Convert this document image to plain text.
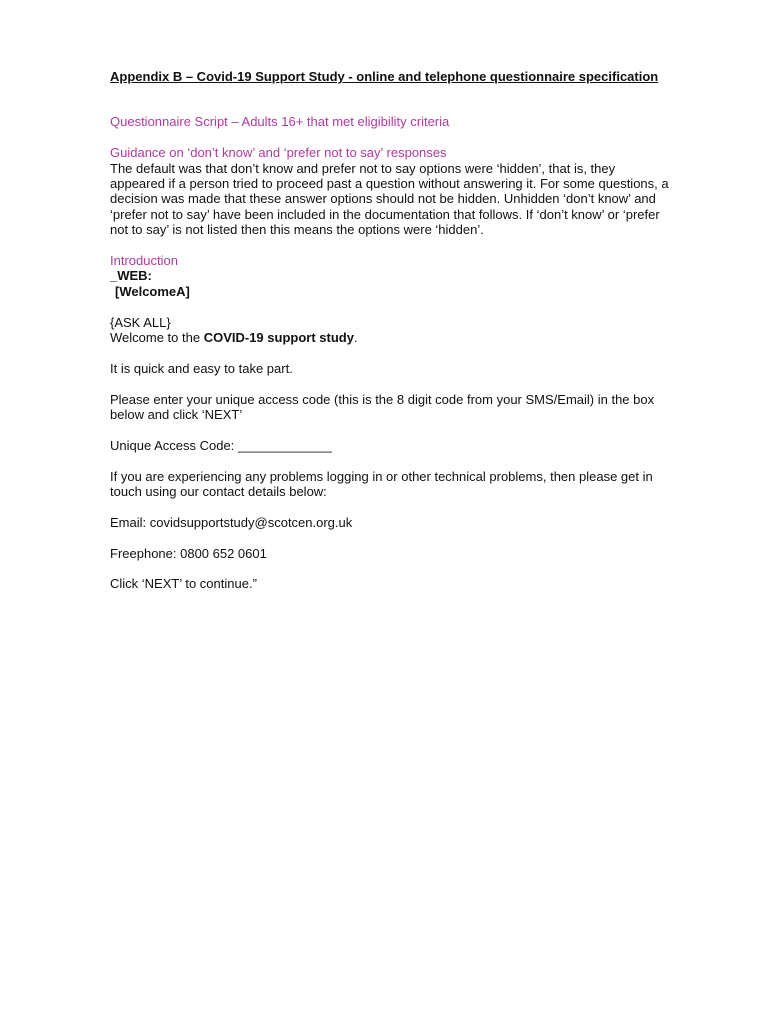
Appendix B – Covid-19 Support Study - online and telephone questionnaire specification

Questionnaire Script – Adults 16+ that met eligibility criteria

Guidance on ‘don’t know’ and ‘prefer not to say’ responses

The default was that don’t know and prefer not to say options were ‘hidden’, that is, they appeared if a person tried to proceed past a question without answering it. For some questions, a decision was made that these answer options should not be hidden. Unhidden ‘don’t know’ and ‘prefer not to say’ have been included in the documentation that follows. If ‘don’t know’ or ‘prefer not to say’ is not listed then this means the options were ‘hidden’.

Introduction

_WEB:

[WelcomeA]

{ASK ALL}

Welcome to the COVID-19 support study.

It is quick and easy to take part.

Please enter your unique access code (this is the 8 digit code from your SMS/Email) in the box below and click ‘NEXT’

Unique Access Code: _____________

If you are experiencing any problems logging in or other technical problems, then please get in touch using our contact details below:

Email: covidsupportstudy@scotcen.org.uk

Freephone: 0800 652 0601

Click ‘NEXT’ to continue.”
